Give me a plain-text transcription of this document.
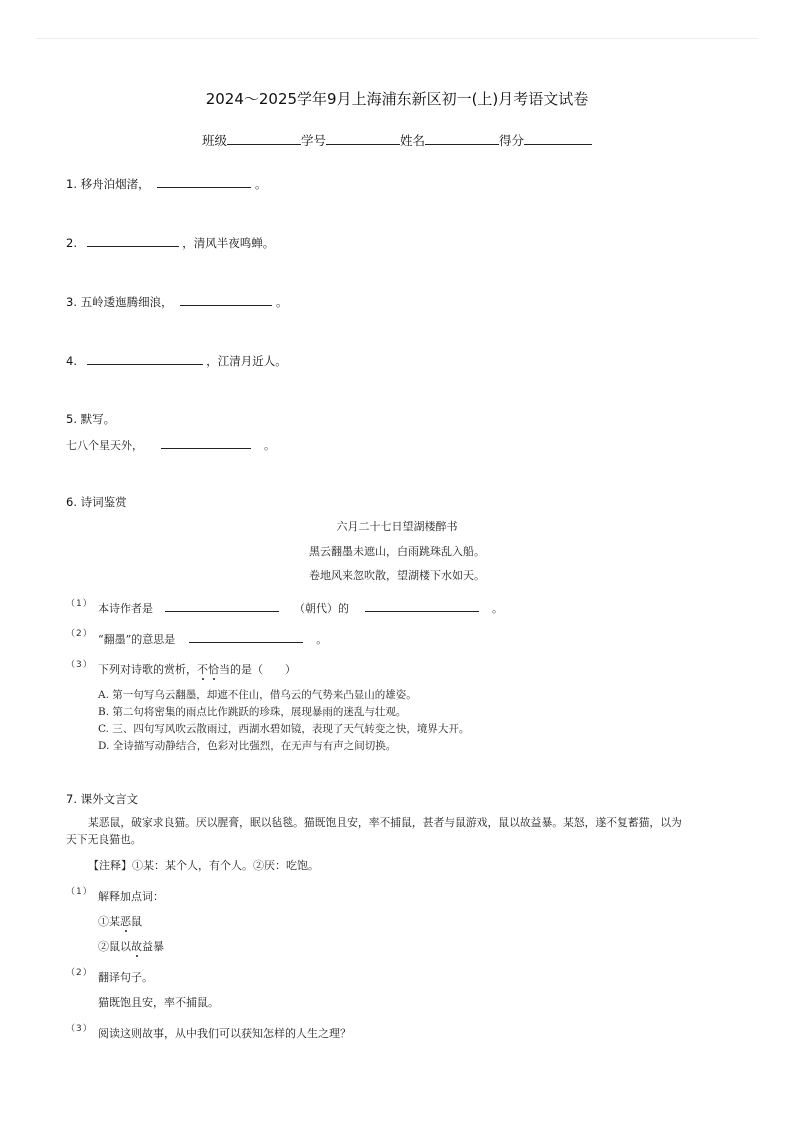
2024～2025学年9月上海浦东新区初一(上)月考语文试卷
班级	学号	姓名	得分
1. 移舟泊烟渚，	。
2.	，清风半夜鸣蝉。
3. 五岭逶迤腾细浪，	。
4.	，江清月近人。
5. 默写。
七八个星天外，	。
6. 诗词鉴赏
六月二十七日望湖楼醉书
黑云翻墨未遮山，白雨跳珠乱入船。
卷地风来忽吹散，望湖楼下水如天。
（1） 本诗作者是	（朝代）的	。
（2） “翻墨”的意思是	。
（3） 下列对诗歌的赏析，不恰当的是（　　）
A. 第一句写乌云翻墨，却遮不住山，借乌云的气势来凸显山的雄姿。
B. 第二句将密集的雨点比作跳跃的珍珠，展现暴雨的迷乱与壮观。
C. 三、四句写风吹云散雨过，西湖水碧如镜，表现了天气转变之快，境界大开。
D. 全诗描写动静结合，色彩对比强烈，在无声与有声之间切换。
7. 课外文言文
某恶鼠，破家求良猫。厌以腥膏，眠以毡毯。猫既饱且安，率不捕鼠，甚者与鼠游戏，鼠以故益暴。某怒，遂不复蓄猫，以为
天下无良猫也。
【注释】①某：某个人，有个人。②厌：吃饱。
（1） 解释加点词：
①某恶鼠
②鼠以故益暴
（2） 翻译句子。
猫既饱且安，率不捕鼠。
（3） 阅读这则故事，从中我们可以获知怎样的人生之理？
